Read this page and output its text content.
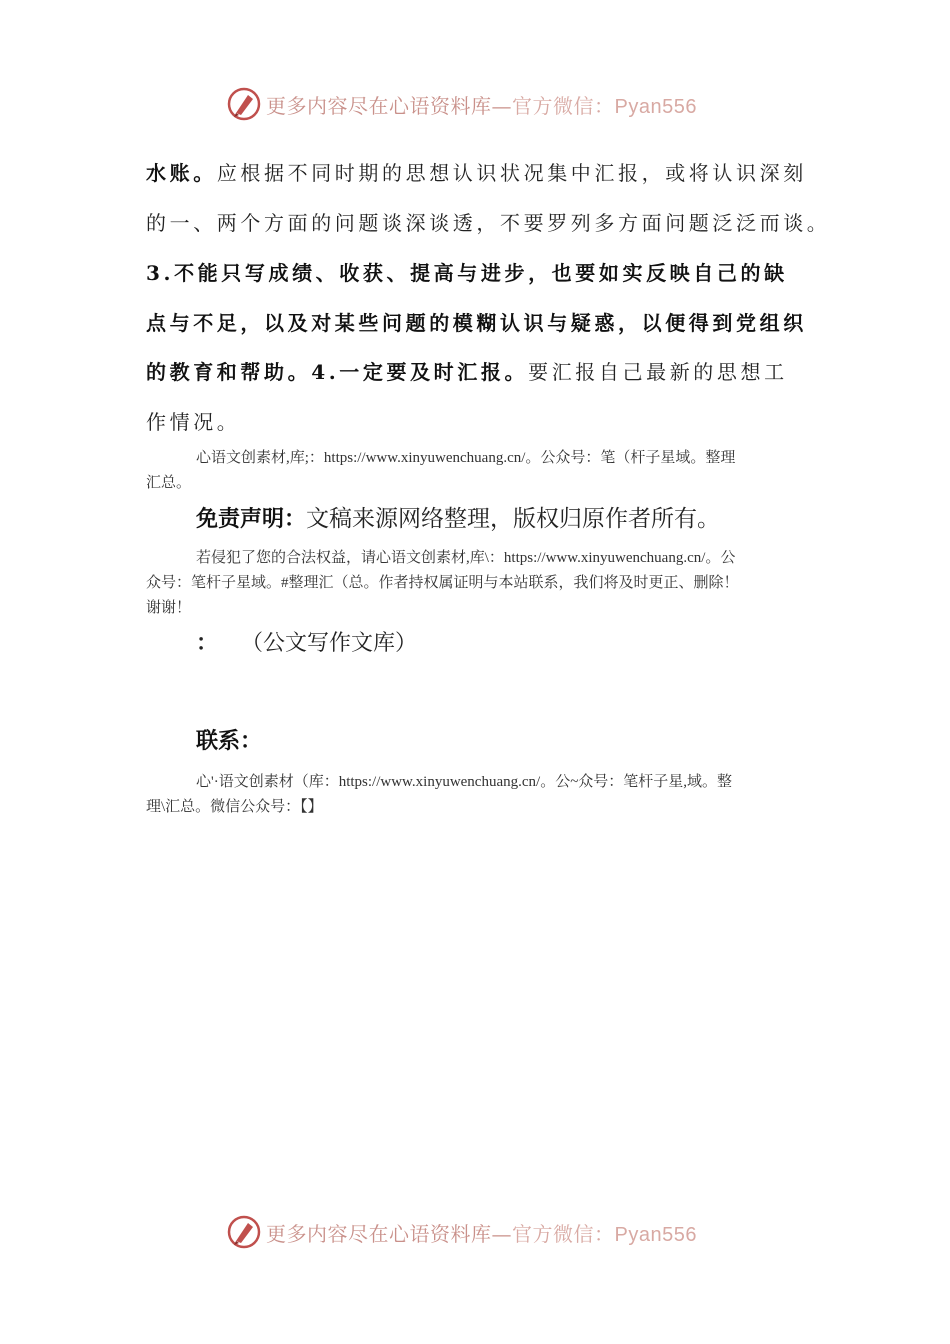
更多内容尽在心语资料库—官方微信：Pyan556
水账。应根据不同时期的思想认识状况集中汇报，或将认识深刻
的一、两个方面的问题谈深谈透，不要罗列多方面问题泛泛而谈。
3.不能只写成绩、收获、提高与进步，也要如实反映自己的缺
点与不足，以及对某些问题的模糊认识与疑惑，以便得到党组织
的教育和帮助。4.一定要及时汇报。要汇报自己最新的思想工
作情况。
心语文创素材,库;：https://www.xinyuwenchuang.cn/。公众号：笔（杆子星域。整理
汇总。
免责声明：文稿来源网络整理，版权归原作者所有。
若侵犯了您的合法权益，请心语文创素材,库\：https://www.xinyuwenchuang.cn/。公
众号：笔杆子星域。#整理汇（总。作者持权属证明与本站联系，我们将及时更正、删除！
谢谢！
： （公文写作文库）
联系：
心'·语文创素材（库：https://www.xinyuwenchuang.cn/。公~众号：笔杆子星,域。整
理\汇总。微信公众号：【】
更多内容尽在心语资料库—官方微信：Pyan556
